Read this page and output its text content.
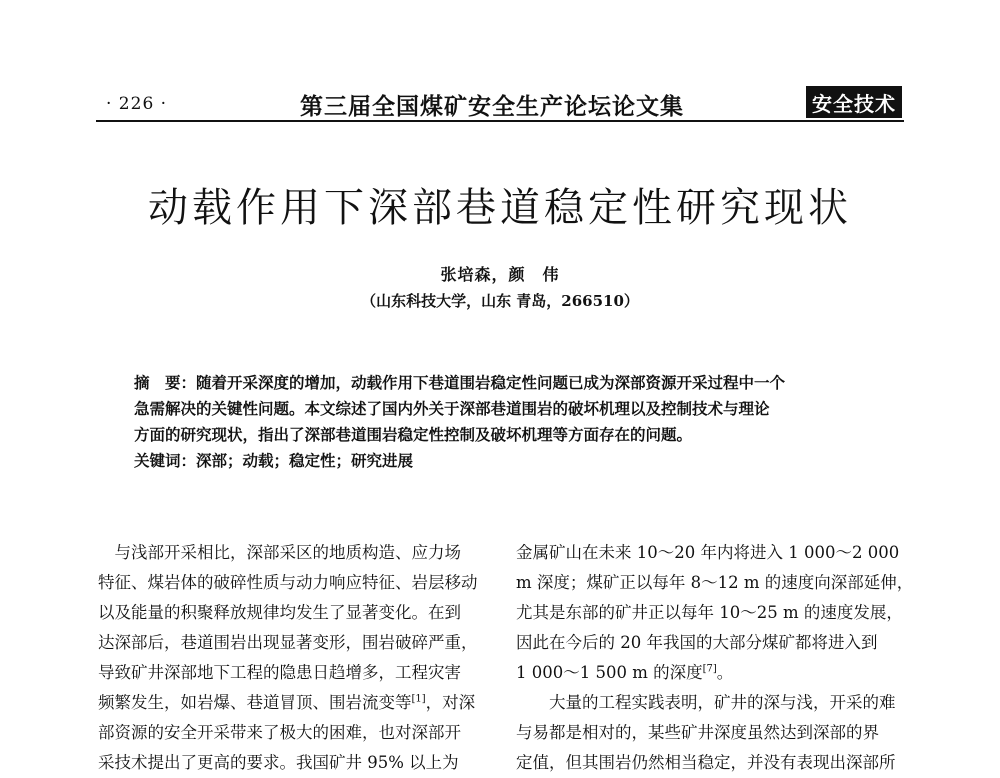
· 226 ·	第三届全国煤矿安全生产论坛论文集	安全技术
动载作用下深部巷道稳定性研究现状
张培森，颜　伟
（山东科技大学，山东 青岛，266510）
摘　要：随着开采深度的增加，动载作用下巷道围岩稳定性问题已成为深部资源开采过程中一个
急需解决的关键性问题。本文综述了国内外关于深部巷道围岩的破坏机理以及控制技术与理论
方面的研究现状，指出了深部巷道围岩稳定性控制及破坏机理等方面存在的问题。
关键词：深部；动载；稳定性；研究进展
　与浅部开采相比，深部采区的地质构造、应力场
特征、煤岩体的破碎性质与动力响应特征、岩层移动
以及能量的积聚释放规律均发生了显著变化。在到
达深部后，巷道围岩出现显著变形，围岩破碎严重，
导致矿井深部地下工程的隐患日趋增多，工程灾害
频繁发生，如岩爆、巷道冒顶、围岩流变等[1]，对深
部资源的安全开采带来了极大的困难，也对深部开
采技术提出了更高的要求。我国矿井 95% 以上为
金属矿山在未来 10～20 年内将进入 1 000～2 000
m 深度；煤矿正以每年 8～12 m 的速度向深部延伸，
尤其是东部的矿井正以每年 10～25 m 的速度发展，
因此在今后的 20 年我国的大部分煤矿都将进入到
1 000～1 500 m 的深度[7]。
　　大量的工程实践表明，矿井的深与浅，开采的难
与易都是相对的，某些矿井深度虽然达到深部的界
定值，但其围岩仍然相当稳定，并没有表现出深部所
